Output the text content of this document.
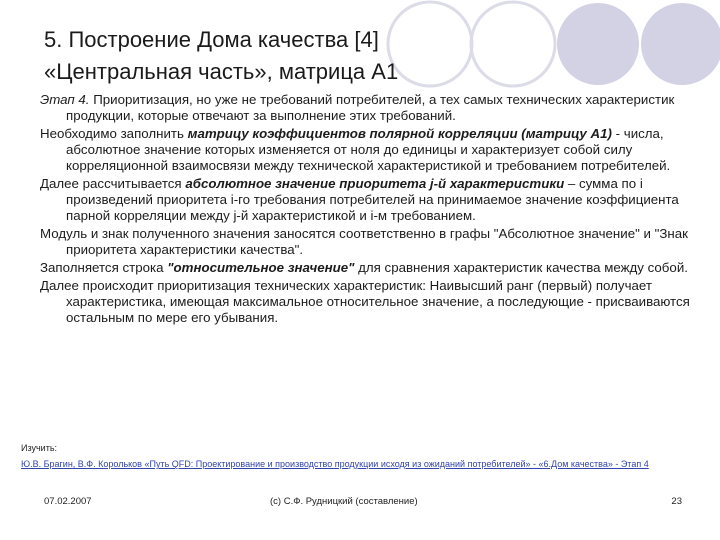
5. Построение Дома качества [4]
«Центральная часть», матрица А1

Этап 4. Приоритизация, но уже не требований потребителей, а тех самых технических характеристик продукции, которые отвечают за выполнение этих требований.

Необходимо заполнить матрицу коэффициентов полярной корреляции (матрицу А1) - числа, абсолютное значение которых изменяется от ноля до единицы и характеризует собой силу корреляционной взаимосвязи между технической характеристикой и требованием потребителей.

Далее рассчитывается абсолютное значение приоритета j-й характеристики – сумма по i произведений приоритета i-го требования потребителей на принимаемое значение коэффициента парной корреляции между j-й характеристикой и i-м требованием.

Модуль и знак полученного значения заносятся соответственно в графы "Абсолютное значение" и "Знак приоритета характеристики качества".

Заполняется строка "относительное значение" для сравнения характеристик качества между собой.

Далее происходит приоритизация технических характеристик: Наивысший ранг (первый) получает характеристика, имеющая максимальное относительное значение, а последующие - присваиваются остальным по мере его убывания.

Изучить:
Ю.В. Брагин, В.Ф. Корольков «Путь QFD: Проектирование и производство продукции исходя из ожиданий потребителей» - «6.Дом качества» - Этап 4
07.02.2007	(c) С.Ф. Рудницкий (составление)	23
